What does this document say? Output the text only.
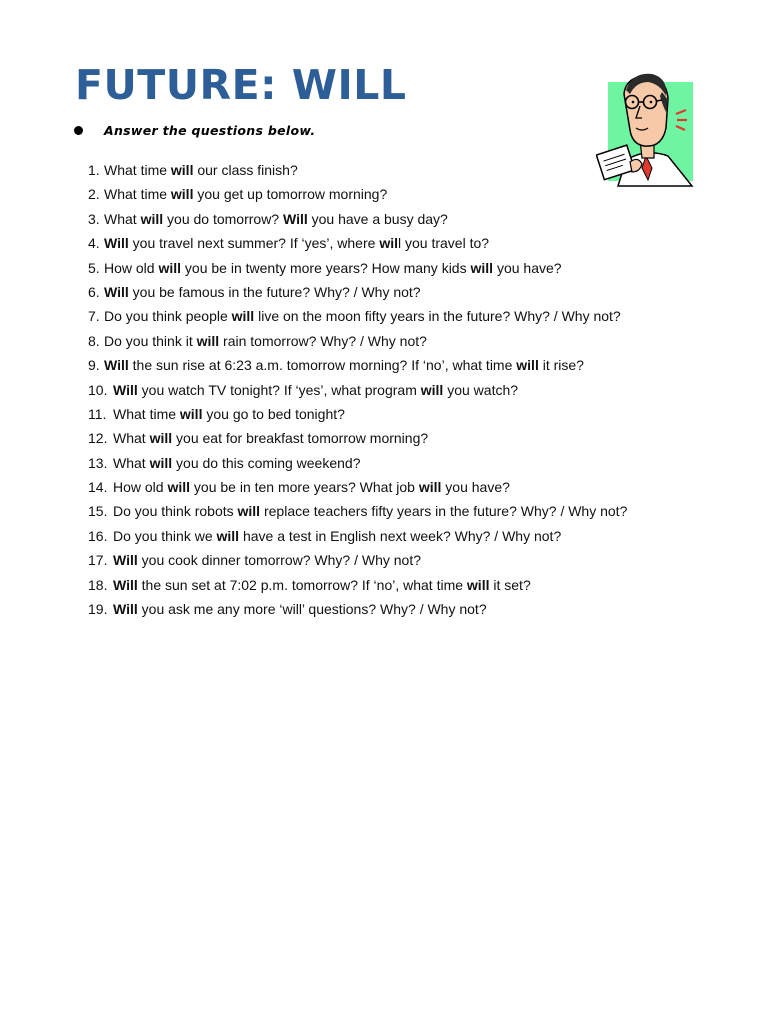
FUTURE: WILL
Answer the questions below.
1. What time will our class finish?
2. What time will you get up tomorrow morning?
3. What will you do tomorrow? Will you have a busy day?
4. Will you travel next summer? If ‘yes’, where will you travel to?
5. How old will you be in twenty more years? How many kids will you have?
6. Will you be famous in the future? Why? / Why not?
7. Do you think people will live on the moon fifty years in the future? Why? / Why not?
8. Do you think it will rain tomorrow? Why? / Why not?
9. Will the sun rise at 6:23 a.m. tomorrow morning? If ‘no’, what time will it rise?
10. Will you watch TV tonight? If ‘yes’, what program will you watch?
11. What time will you go to bed tonight?
12. What will you eat for breakfast tomorrow morning?
13. What will you do this coming weekend?
14. How old will you be in ten more years? What job will you have?
15. Do you think robots will replace teachers fifty years in the future? Why? / Why not?
16. Do you think we will have a test in English next week? Why? / Why not?
17. Will you cook dinner tomorrow? Why? / Why not?
18. Will the sun set at 7:02 p.m. tomorrow? If ‘no’, what time will it set?
19. Will you ask me any more ‘will’ questions? Why? / Why not?
